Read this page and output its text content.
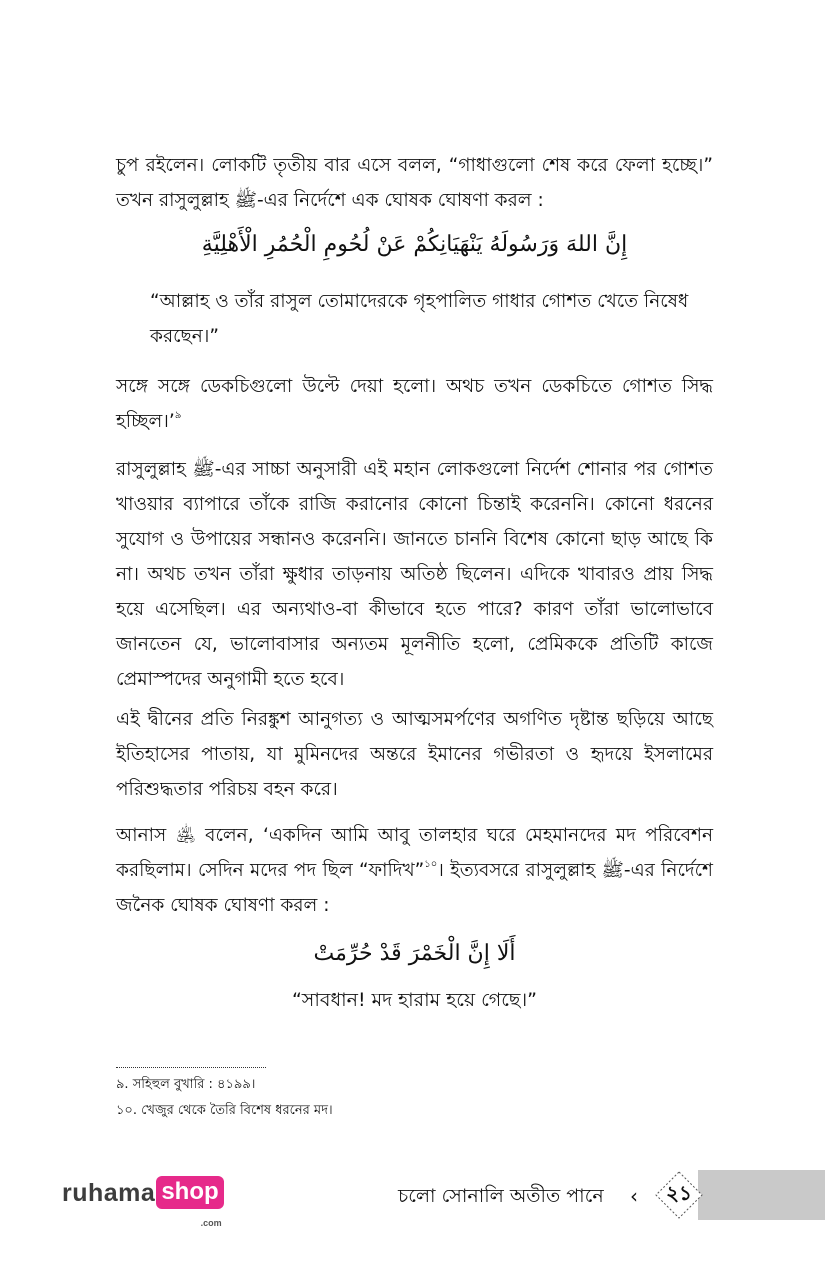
চুপ রইলেন। লোকটি তৃতীয় বার এসে বলল, “গাধাগুলো শেষ করে ফেলা হচ্ছে।” তখন রাসুলুল্লাহ ﷺ-এর নির্দেশে এক ঘোষক ঘোষণা করল :

إِنَّ اللهَ وَرَسُولَهُ يَنْهَيَانِكُمْ عَنْ لُحُومِ الْحُمُرِ الْأَهْلِيَّةِ

“আল্লাহ ও তাঁর রাসুল তোমাদেরকে গৃহপালিত গাধার গোশত খেতে নিষেধ করছেন।”

সঙ্গে সঙ্গে ডেকচিগুলো উল্টে দেয়া হলো। অথচ তখন ডেকচিতে গোশত সিদ্ধ হচ্ছিল।’$^৯$

রাসুলুল্লাহ ﷺ-এর সাচ্চা অনুসারী এই মহান লোকগুলো নির্দেশ শোনার পর গোশত খাওয়ার ব্যাপারে তাঁকে রাজি করানোর কোনো চিন্তাই করেননি। কোনো ধরনের সুযোগ ও উপায়ের সন্ধানও করেননি। জানতে চাননি বিশেষ কোনো ছাড় আছে কি না। অথচ তখন তাঁরা ক্ষুধার তাড়নায় অতিষ্ঠ ছিলেন। এদিকে খাবারও প্রায় সিদ্ধ হয়ে এসেছিল। এর অন্যথাও-বা কীভাবে হতে পারে? কারণ তাঁরা ভালোভাবে জানতেন যে, ভালোবাসার অন্যতম মূলনীতি হলো, প্রেমিককে প্রতিটি কাজে প্রেমাস্পদের অনুগামী হতে হবে।

এই দ্বীনের প্রতি নিরঙ্কুশ আনুগত্য ও আত্মসমর্পণের অগণিত দৃষ্টান্ত ছড়িয়ে আছে ইতিহাসের পাতায়, যা মুমিনদের অন্তরে ইমানের গভীরতা ও হৃদয়ে ইসলামের পরিশুদ্ধতার পরিচয় বহন করে।

আনাস ﵁ বলেন, ‘একদিন আমি আবু তালহার ঘরে মেহমানদের মদ পরিবেশন করছিলাম। সেদিন মদের পদ ছিল “ফাদিখ”$^{১০}$। ইত্যবসরে রাসুলুল্লাহ ﷺ-এর নির্দেশে জনৈক ঘোষক ঘোষণা করল :

أَلَا إِنَّ الْخَمْرَ قَدْ حُرِّمَتْ

“সাবধান! মদ হারাম হয়ে গেছে।”

৯. সহিহুল বুখারি : ৪১৯৯।

১০. খেজুর থেকে তৈরি বিশেষ ধরনের মদ।

ruhama shop
.com
চলো সোনালি অতীত পানে ‹ ২১
